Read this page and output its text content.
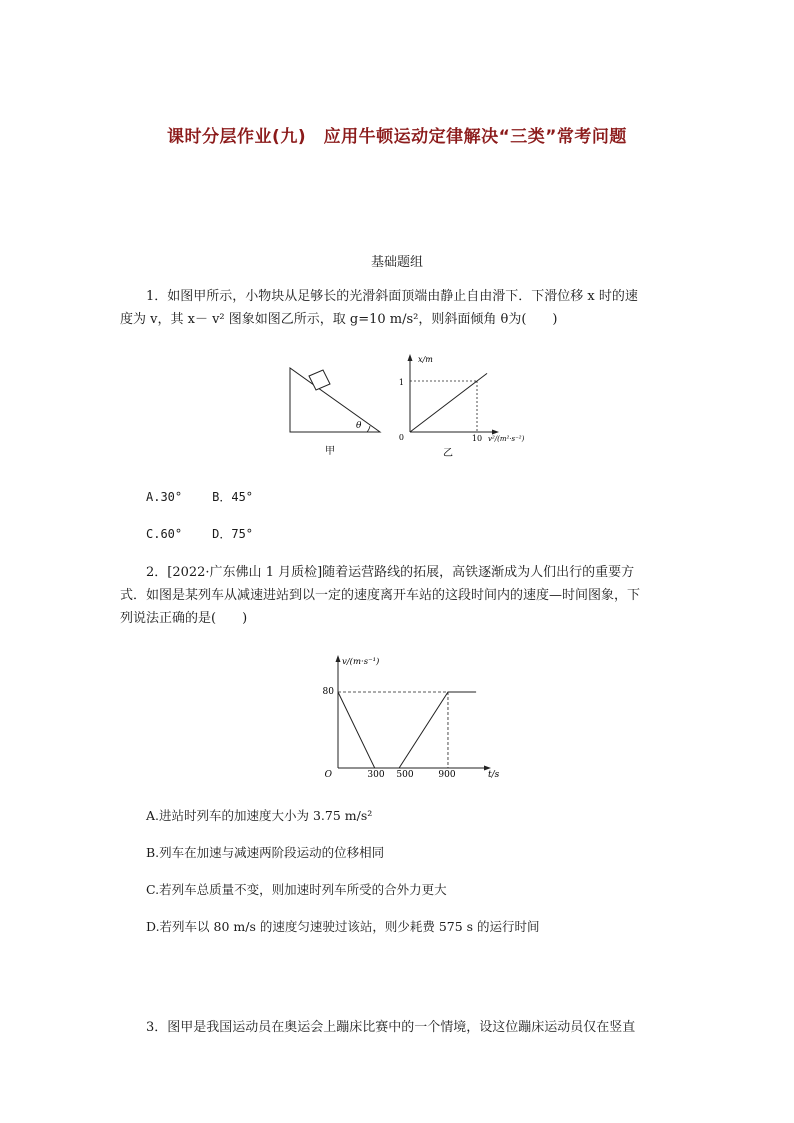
课时分层作业(九)　应用牛顿运动定律解决“三类”常考问题
基础题组
1．如图甲所示，小物块从足够长的光滑斜面顶端由静止自由滑下．下滑位移 x 时的速
度为 v，其 x－ v² 图象如图乙所示，取 g=10 m/s²，则斜面倾角 θ为(　　)
θ
甲
x/m
1
0	10 v²/(m²·s⁻²)
乙
A.30°	B．45°
C.60°	D．75°
2．[2022·广东佛山 1 月质检]随着运营路线的拓展，高铁逐渐成为人们出行的重要方
式．如图是某列车从减速进站到以一定的速度离开车站的这段时间内的速度—时间图象，下
列说法正确的是(　　)
v/(m·s⁻¹)
80
O	300 500	900	t/s
A.进站时列车的加速度大小为 3.75 m/s²
B.列车在加速与减速两阶段运动的位移相同
C.若列车总质量不变，则加速时列车所受的合外力更大
D.若列车以 80 m/s 的速度匀速驶过该站，则少耗费 575 s 的运行时间
3．图甲是我国运动员在奥运会上蹦床比赛中的一个情境，设这位蹦床运动员仅在竖直
